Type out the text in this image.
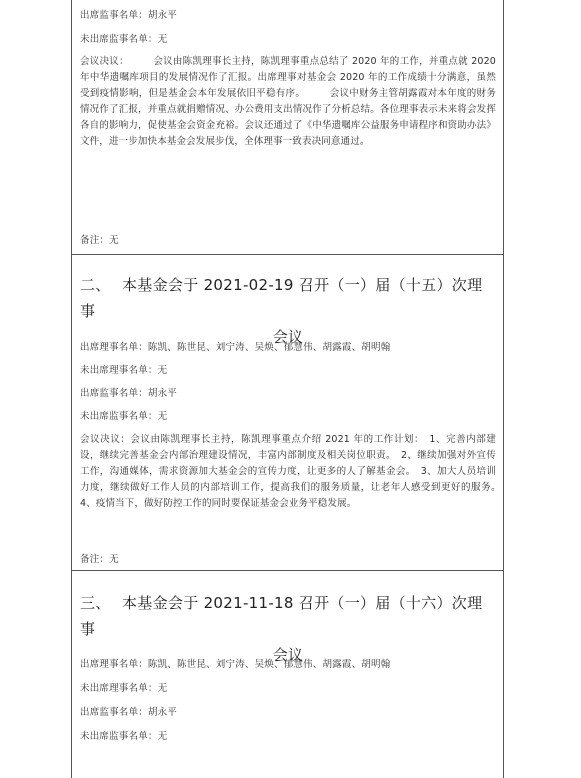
出席监事名单：胡永平
未出席监事名单：无
会议决议：　　　会议由陈凯理事长主持，陈凯理事重点总结了 2020 年的工作，并重点就 2020 年中华遗嘱库项目的发展情况作了汇报。出席理事对基金会 2020 年的工作成绩十分满意，虽然受到疫情影响，但是基金会本年发展依旧平稳有序。　　　会议中财务主管胡露霞对本年度的财务情况作了汇报，并重点就捐赠情况、办公费用支出情况作了分析总结。各位理事表示未来将会发挥各自的影响力，促使基金会资金充裕。会议还通过了《中华遗嘱库公益服务申请程序和资助办法》文件，进一步加快本基金会发展步伐，全体理事一致表决同意通过。
备注：无
二、 本基金会于 2021-02-19 召开（一）届（十五）次理事
会议
出席理事名单：陈凯、陈世昆、刘宁涛、吴焕、郁慧伟、胡露霞、胡明翰
未出席理事名单：无
出席监事名单：胡永平
未出席监事名单：无
会议决议：会议由陈凯理事长主持，陈凯理事重点介绍 2021 年的工作计划：　1、完善内部建设，继续完善基金会内部治理建设情况，丰富内部制度及相关岗位职责。　2、继续加强对外宣传工作，沟通媒体，需求资源加大基金会的宣传力度，让更多的人了解基金会。　3、加大人员培训力度，继续做好工作人员的内部培训工作，提高我们的服务质量，让老年人感受到更好的服务。　4、疫情当下，做好防控工作的同时要保证基金会业务平稳发展。
备注：无
三、 本基金会于 2021-11-18 召开（一）届（十六）次理事
会议
出席理事名单：陈凯、陈世昆、刘宁涛、吴焕、郁慧伟、胡露霞、胡明翰
未出席理事名单：无
出席监事名单：胡永平
未出席监事名单：无
